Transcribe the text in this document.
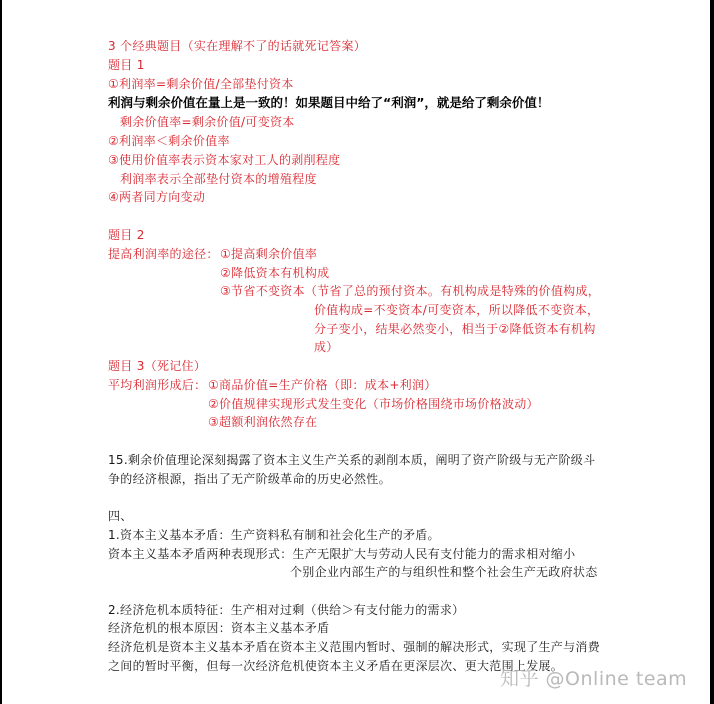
3 个经典题目（实在理解不了的话就死记答案）
题目 1
①利润率=剩余价值/全部垫付资本
利润与剩余价值在量上是一致的！如果题目中给了“利润”，就是给了剩余价值！
剩余价值率=剩余价值/可变资本
②利润率＜剩余价值率
③使用价值率表示资本家对工人的剥削程度
利润率表示全部垫付资本的增殖程度
④两者同方向变动
题目 2
提高利润率的途径： ①提高剩余价值率
②降低资本有机构成
③节省不变资本（节省了总的预付资本。有机构成是特殊的价值构成，
价值构成=不变资本/可变资本，所以降低不变资本，
分子变小，结果必然变小，相当于②降低资本有机构
成）
题目 3（死记住）
平均利润形成后： ①商品价值=生产价格（即：成本+利润）
②价值规律实现形式发生变化（市场价格围绕市场价格波动）
③超额利润依然存在
15.剩余价值理论深刻揭露了资本主义生产关系的剥削本质，阐明了资产阶级与无产阶级斗
争的经济根源，指出了无产阶级革命的历史必然性。
四、
1.资本主义基本矛盾：生产资料私有制和社会化生产的矛盾。
资本主义基本矛盾两种表现形式：生产无限扩大与劳动人民有支付能力的需求相对缩小
个别企业内部生产的与组织性和整个社会生产无政府状态
2.经济危机本质特征：生产相对过剩（供给＞有支付能力的需求）
经济危机的根本原因：资本主义基本矛盾
经济危机是资本主义基本矛盾在资本主义范围内暂时、强制的解决形式，实现了生产与消费
之间的暂时平衡，但每一次经济危机使资本主义矛盾在更深层次、更大范围上发展。
知乎 @Online team
